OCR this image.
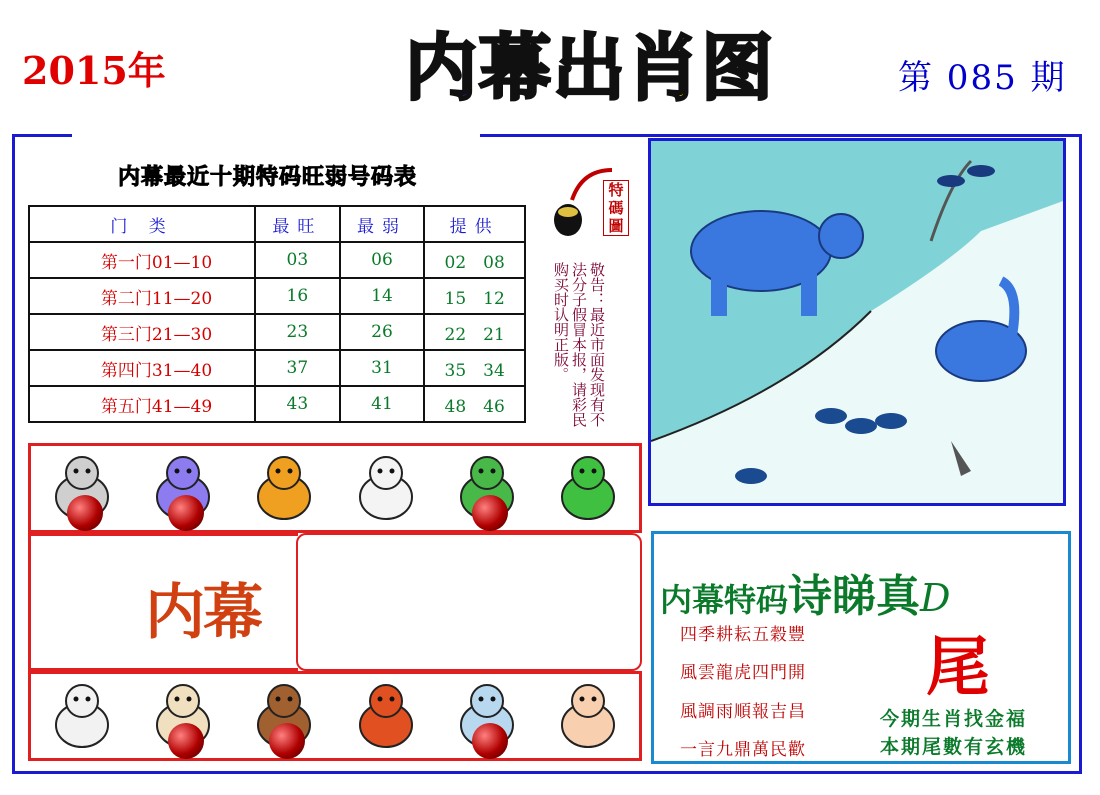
2015年	内 幕 出 肖 图	第 085 期
内幕最近十期特码旺弱号码表
门 类	最旺	最弱	提供
第一门01—10	03	06	02　08
第二门11—20	16	14	15　12
第三门21—30	23	26	22　21
第四门31—40	37	31	35　34
第五门41—49	43	41	48　46
特碼圖
敬告：最近市面发现有不法分子假冒本报，请彩民购买时认明正版。
内幕	内幕特码诗睇真D
四季耕耘五穀豐
風雲龍虎四門開
風調雨順報吉昌
一言九鼎萬民歡
尾
今期生肖找金福
本期尾數有玄機
